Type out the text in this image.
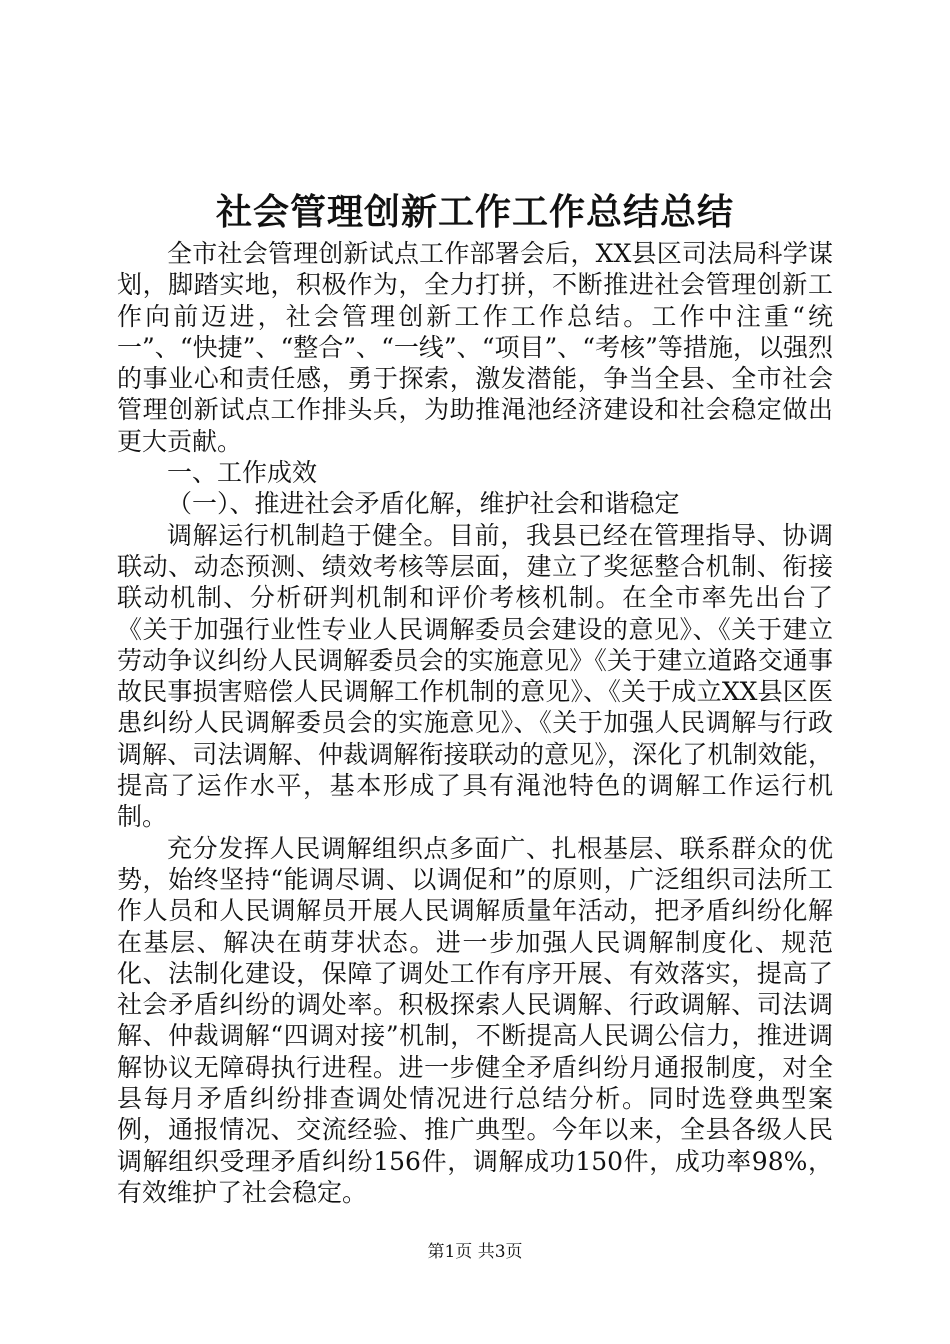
社会管理创新工作工作总结总结

全市社会管理创新试点工作部署会后，XX县区司法局科学谋划，脚踏实地，积极作为，全力打拼，不断推进社会管理创新工作向前迈进，社会管理创新工作工作总结。工作中注重“统一”、“快捷”、“整合”、“一线”、“项目”、“考核”等措施，以强烈的事业心和责任感，勇于探索，激发潜能，争当全县、全市社会管理创新试点工作排头兵，为助推渑池经济建设和社会稳定做出更大贡献。

一、工作成效

（一）、推进社会矛盾化解，维护社会和谐稳定

调解运行机制趋于健全。目前，我县已经在管理指导、协调联动、动态预测、绩效考核等层面，建立了奖惩整合机制、衔接联动机制、分析研判机制和评价考核机制。在全市率先出台了《关于加强行业性专业人民调解委员会建设的意见》、《关于建立劳动争议纠纷人民调解委员会的实施意见》《关于建立道路交通事故民事损害赔偿人民调解工作机制的意见》、《关于成立XX县区医患纠纷人民调解委员会的实施意见》、《关于加强人民调解与行政调解、司法调解、仲裁调解衔接联动的意见》，深化了机制效能，提高了运作水平，基本形成了具有渑池特色的调解工作运行机制。

充分发挥人民调解组织点多面广、扎根基层、联系群众的优势，始终坚持“能调尽调、以调促和”的原则，广泛组织司法所工作人员和人民调解员开展人民调解质量年活动，把矛盾纠纷化解在基层、解决在萌芽状态。进一步加强人民调解制度化、规范化、法制化建设，保障了调处工作有序开展、有效落实，提高了社会矛盾纠纷的调处率。积极探索人民调解、行政调解、司法调解、仲裁调解“四调对接”机制，不断提高人民调公信力，推进调解协议无障碍执行进程。进一步健全矛盾纠纷月通报制度，对全县每月矛盾纠纷排查调处情况进行总结分析。同时选登典型案例，通报情况、交流经验、推广典型。今年以来，全县各级人民调解组织受理矛盾纠纷156件，调解成功150件，成功率98%，有效维护了社会稳定。

第1页 共3页
